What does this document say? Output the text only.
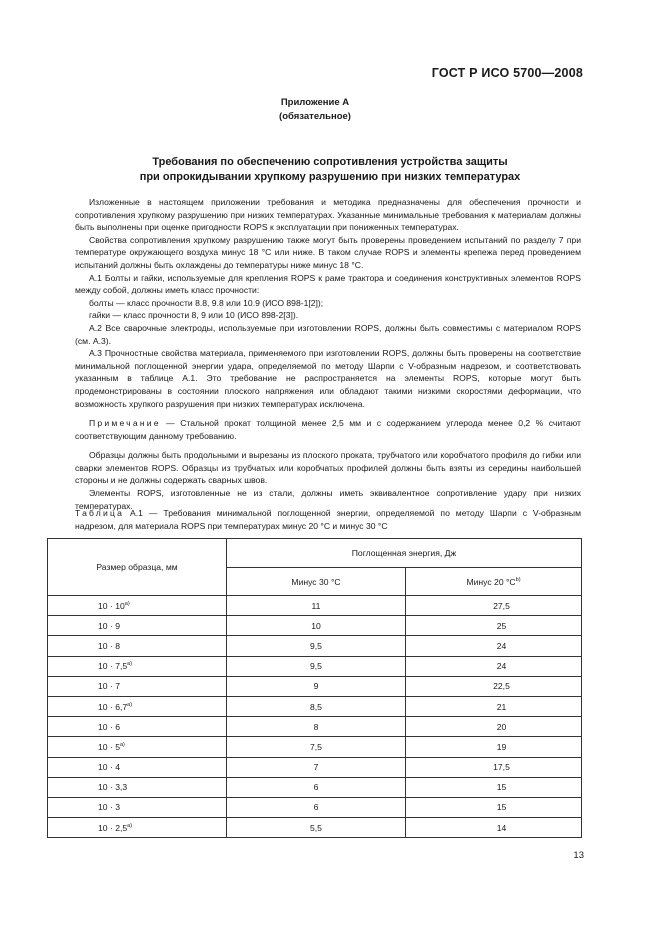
ГОСТ Р ИСО 5700—2008
Приложение А
(обязательное)
Требования по обеспечению сопротивления устройства защиты
при опрокидывании хрупкому разрушению при низких температурах

Изложенные в настоящем приложении требования и методика предназначены для обеспечения прочности и сопротивления хрупкому разрушению при низких температурах. Указанные минимальные требования к материалам должны быть выполнены при оценке пригодности ROPS к эксплуатации при пониженных температурах.

Свойства сопротивления хрупкому разрушению также могут быть проверены проведением испытаний по разделу 7 при температуре окружающего воздуха минус 18 °С или ниже. В таком случае ROPS и элементы крепежа перед проведением испытаний должны быть охлаждены до температуры ниже минус 18 °С.

А.1 Болты и гайки, используемые для крепления ROPS к раме трактора и соединения конструктивных элементов ROPS между собой, должны иметь класс прочности:

болты — класс прочности 8.8, 9.8 или 10.9 (ИСО 898-1[2]);

гайки — класс прочности 8, 9 или 10 (ИСО 898-2[3]).

А.2 Все сварочные электроды, используемые при изготовлении ROPS, должны быть совместимы с материалом ROPS (см. А.3).

А.3 Прочностные свойства материала, применяемого при изготовлении ROPS, должны быть проверены на соответствие минимальной поглощенной энергии удара, определяемой по методу Шарпи с V-образным надрезом, и соответствовать указанным в таблице А.1. Это требование не распространяется на элементы ROPS, которые могут быть продемонстрированы в состоянии плоского напряжения или обладают такими низкими скоростями деформации, что возможность хрупкого разрушения при низких температурах исключена.

Примечание — Стальной прокат толщиной менее 2,5 мм и с содержанием углерода менее 0,2 % считают соответствующим данному требованию.

Образцы должны быть продольными и вырезаны из плоского проката, трубчатого или коробчатого профиля до гибки или сварки элементов ROPS. Образцы из трубчатых или коробчатых профилей должны быть взяты из середины наибольшей стороны и не должны содержать сварных швов.

Элементы ROPS, изготовленные не из стали, должны иметь эквивалентное сопротивление удару при низких температурах.

Таблица А.1 — Требования минимальной поглощенной энергии, определяемой по методу Шарпи с V-образным надрезом, для материала ROPS при температурах минус 20 °С и минус 30 °С
Размер образца, мм	Поглощенная энергия, Дж	
	Минус 30 °С	Минус 20 $^\circ С^{b)}$
$10 \cdot 10^{a)}$	11	27,5
10 · 9	10	25
10 · 8	9,5	24
$10 \cdot 7,5^{a)}$	9,5	24
10 · 7	9	22,5
$10 \cdot 6,7^{a)}$	8,5	21
10 · 6	8	20
$10 \cdot 5^{a)}$	7,5	19
10 · 4	7	17,5
10 · 3,3	6	15
10 · 3	6	15
$10 \cdot 2,5^{a)}$	5,5	14
13
